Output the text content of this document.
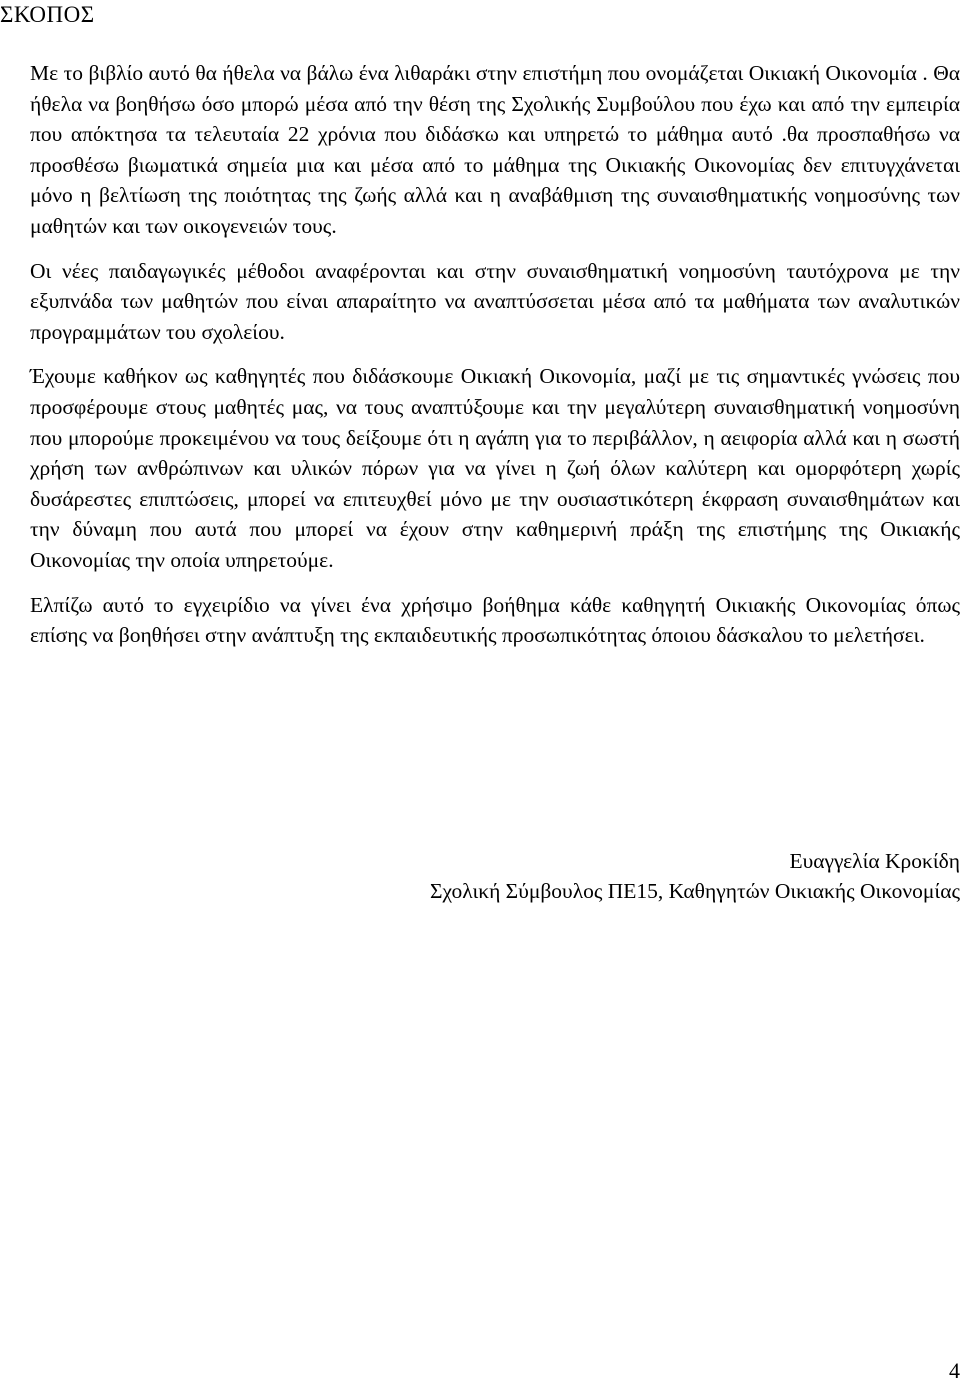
ΣΚΟΠΟΣ

Με το βιβλίο αυτό θα ήθελα να βάλω ένα λιθαράκι στην επιστήμη που ονομάζεται Οικιακή Οικονομία . Θα ήθελα να βοηθήσω όσο μπορώ μέσα από την θέση της Σχολικής Συμβούλου που έχω και από την εμπειρία που απόκτησα τα τελευταία 22 χρόνια που διδάσκω και υπηρετώ το μάθημα αυτό .θα προσπαθήσω να προσθέσω βιωματικά σημεία μια και μέσα από το μάθημα της Οικιακής Οικονομίας δεν επιτυγχάνεται μόνο η βελτίωση της ποιότητας της ζωής αλλά και η αναβάθμιση της συναισθηματικής νοημοσύνης των μαθητών και των οικογενειών τους.

Οι νέες παιδαγωγικές μέθοδοι αναφέρονται και στην συναισθηματική νοημοσύνη ταυτόχρονα με την εξυπνάδα των μαθητών που είναι απαραίτητο να αναπτύσσεται μέσα από τα μαθήματα των αναλυτικών προγραμμάτων του σχολείου.

Έχουμε καθήκον ως καθηγητές που διδάσκουμε Οικιακή Οικονομία, μαζί με τις σημαντικές γνώσεις που προσφέρουμε στους μαθητές μας, να τους αναπτύξουμε και την μεγαλύτερη συναισθηματική νοημοσύνη που μπορούμε προκειμένου να τους δείξουμε ότι η αγάπη για το περιβάλλον, η αειφορία αλλά και η σωστή χρήση των ανθρώπινων και υλικών πόρων για να γίνει η ζωή όλων καλύτερη και ομορφότερη χωρίς δυσάρεστες επιπτώσεις, μπορεί να επιτευχθεί μόνο με την ουσιαστικότερη έκφραση συναισθημάτων και την δύναμη που αυτά που μπορεί να έχουν στην καθημερινή πράξη της επιστήμης της Οικιακής Οικονομίας την οποία υπηρετούμε.

Ελπίζω αυτό το εγχειρίδιο να γίνει ένα χρήσιμο βοήθημα κάθε καθηγητή Οικιακής Οικονομίας όπως επίσης να βοηθήσει στην ανάπτυξη της εκπαιδευτικής προσωπικότητας όποιου δάσκαλου το μελετήσει.

Ευαγγελία Κροκίδη
Σχολική Σύμβουλος ΠΕ15, Καθηγητών Οικιακής Οικονομίας
4
